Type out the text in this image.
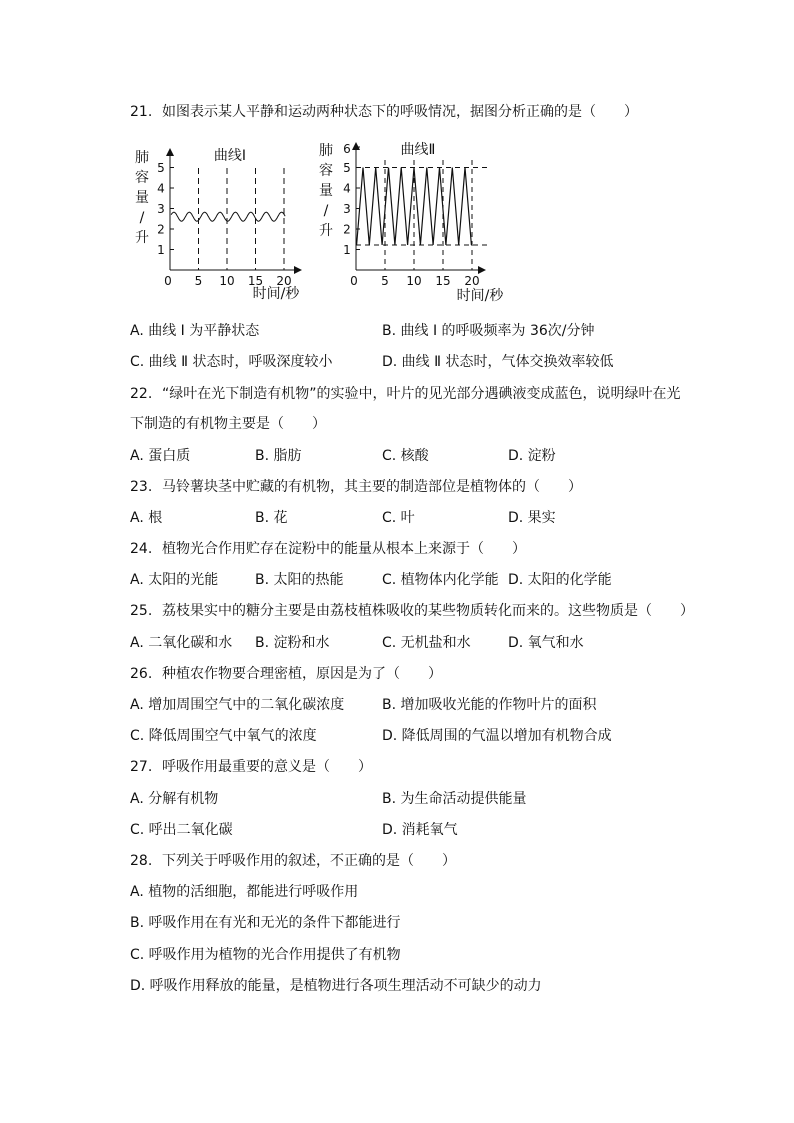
21. 如图表示某人平静和运动两种状态下的呼吸情况，据图分析正确的是（　　）
肺
容
量
/
升
肺
容
量
/
升
1
2
3
4
5
0 5 10 15 20
曲线Ⅰ
时间/秒
1
2
3
4
5
6
0 5 10 15 20
曲线Ⅱ
时间/秒
A. 曲线 I 为平静状态	B. 曲线 I 的呼吸频率为 36次/分钟
C. 曲线 Ⅱ 状态时，呼吸深度较小	D. 曲线 Ⅱ 状态时，气体交换效率较低
22. “绿叶在光下制造有机物”的实验中，叶片的见光部分遇碘液变成蓝色，说明绿叶在光
下制造的有机物主要是（　　）
A. 蛋白质	B. 脂肪	C. 核酸	D. 淀粉
23. 马铃薯块茎中贮藏的有机物，其主要的制造部位是植物体的（　　）
A. 根	B. 花	C. 叶	D. 果实
24. 植物光合作用贮存在淀粉中的能量从根本上来源于（　　）
A. 太阳的光能	B. 太阳的热能	C. 植物体内化学能 D. 太阳的化学能
25. 荔枝果实中的糖分主要是由荔枝植株吸收的某些物质转化而来的。这些物质是（　　）
A. 二氧化碳和水 B. 淀粉和水	C. 无机盐和水	D. 氧气和水
26. 种植农作物要合理密植，原因是为了（　　）
A. 增加周围空气中的二氧化碳浓度	B. 增加吸收光能的作物叶片的面积
C. 降低周围空气中氧气的浓度	D. 降低周围的气温以增加有机物合成
27. 呼吸作用最重要的意义是（　　）
A. 分解有机物	B. 为生命活动提供能量
C. 呼出二氧化碳	D. 消耗氧气
28. 下列关于呼吸作用的叙述，不正确的是（　　）
A. 植物的活细胞，都能进行呼吸作用
B. 呼吸作用在有光和无光的条件下都能进行
C. 呼吸作用为植物的光合作用提供了有机物
D. 呼吸作用释放的能量，是植物进行各项生理活动不可缺少的动力
